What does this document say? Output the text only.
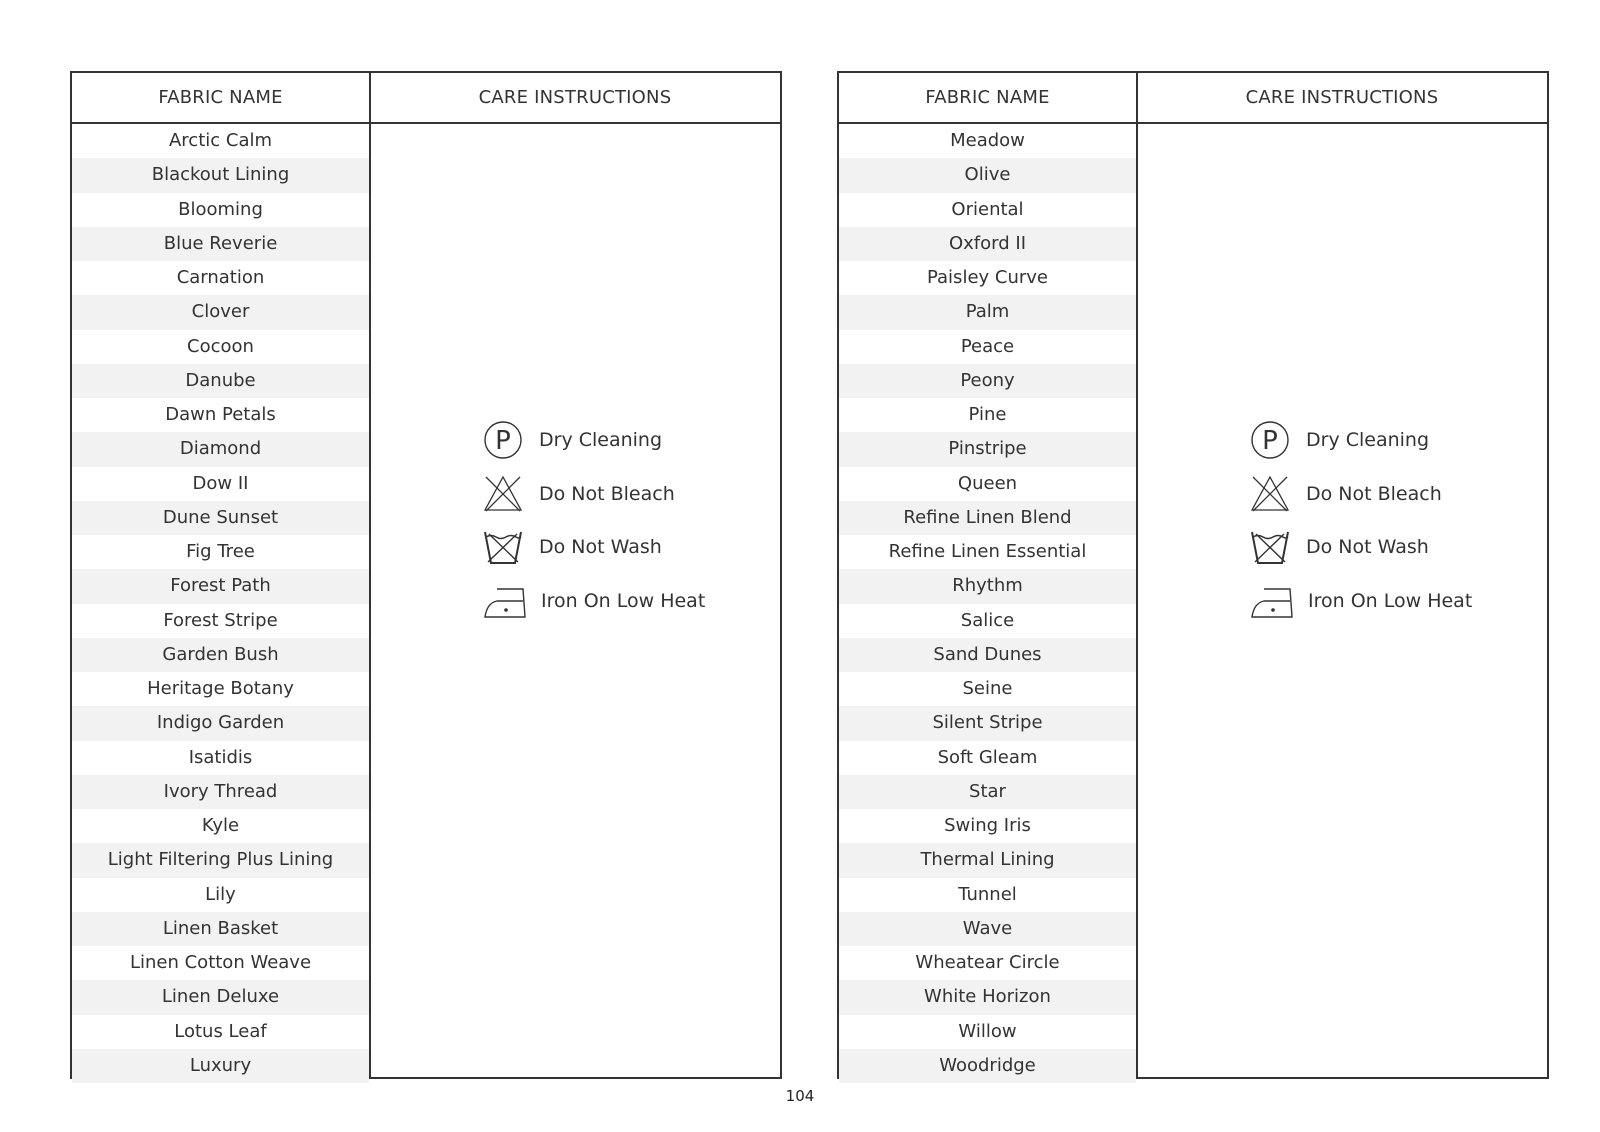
FABRIC NAME	CARE INSTRUCTIONS
Arctic Calm
Blackout Lining
Blooming
Blue Reverie
Carnation
Clover
Cocoon
Danube
Dawn Petals
Diamond
Dow II
Dune Sunset
Fig Tree
Forest Path
Forest Stripe
Garden Bush
Heritage Botany
Indigo Garden
Isatidis
Ivory Thread
Kyle
Light Filtering Plus Lining
Lily
Linen Basket
Linen Cotton Weave
Linen Deluxe
Lotus Leaf
Luxury
P Dry Cleaning
Do Not Bleach
Do Not Wash
Iron On Low Heat
FABRIC NAME	CARE INSTRUCTIONS
Meadow
Olive
Oriental
Oxford II
Paisley Curve
Palm
Peace
Peony
Pine
Pinstripe
Queen
Refine Linen Blend
Refine Linen Essential
Rhythm
Salice
Sand Dunes
Seine
Silent Stripe
Soft Gleam
Star
Swing Iris
Thermal Lining
Tunnel
Wave
Wheatear Circle
White Horizon
Willow
Woodridge
P Dry Cleaning
Do Not Bleach
Do Not Wash
Iron On Low Heat
104
